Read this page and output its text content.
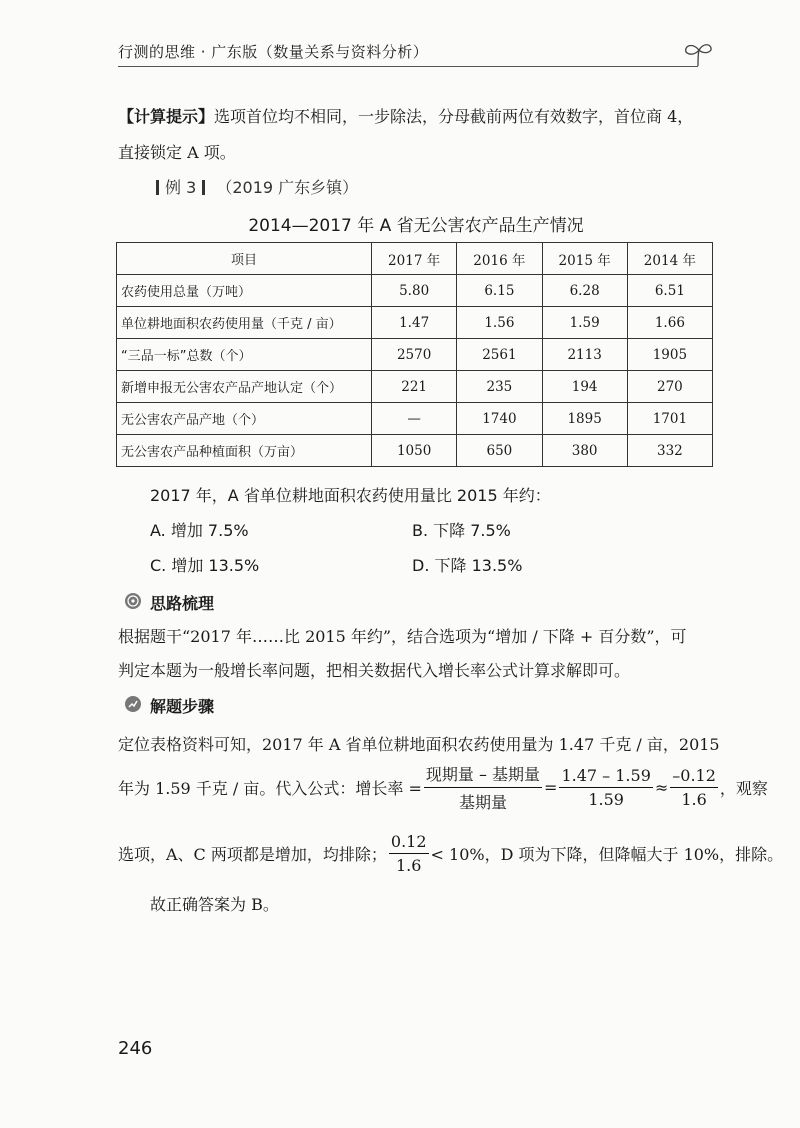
行测的思维 · 广东版（数量关系与资料分析）
【计算提示】选项首位均不相同，一步除法，分母截前两位有效数字，首位商 4，
直接锁定 A 项。
例 3 （2019 广东乡镇）
2014—2017 年 A 省无公害农产品生产情况
项目	2017 年	2016 年	2015 年	2014 年
农药使用总量（万吨）	5.80	6.15	6.28	6.51
单位耕地面积农药使用量（千克 / 亩）	1.47	1.56	1.59	1.66
“三品一标”总数（个）	2570	2561	2113	1905
新增申报无公害农产品产地认定（个）	221	235	194	270
无公害农产品产地（个）	—	1740	1895	1701
无公害农产品种植面积（万亩）	1050	650	380	332
2017 年，A 省单位耕地面积农药使用量比 2015 年约：
A. 增加 7.5%	B. 下降 7.5%
C. 增加 13.5%	D. 下降 13.5%
思路梳理
根据题干“2017 年……比 2015 年约”，结合选项为“增加 / 下降 + 百分数”，可
判定本题为一般增长率问题，把相关数据代入增长率公式计算求解即可。
解题步骤
定位表格资料可知，2017 年 A 省单位耕地面积农药使用量为 1.47 千克 / 亩，2015
年为 1.59 千克 / 亩。代入公式：增长率 = $\frac{\text{现期量 – 基期量}}{\text{基期量}} = \frac{1.47 - 1.59}{1.59} \approx \frac{-0.12}{1.6}$ ，观察
选项，A、C 两项都是增加，均排除； $\frac{0.12}{1.6} < 10\%$，D 项为下降，但降幅大于 10%，排除。
故正确答案为 B。
246
